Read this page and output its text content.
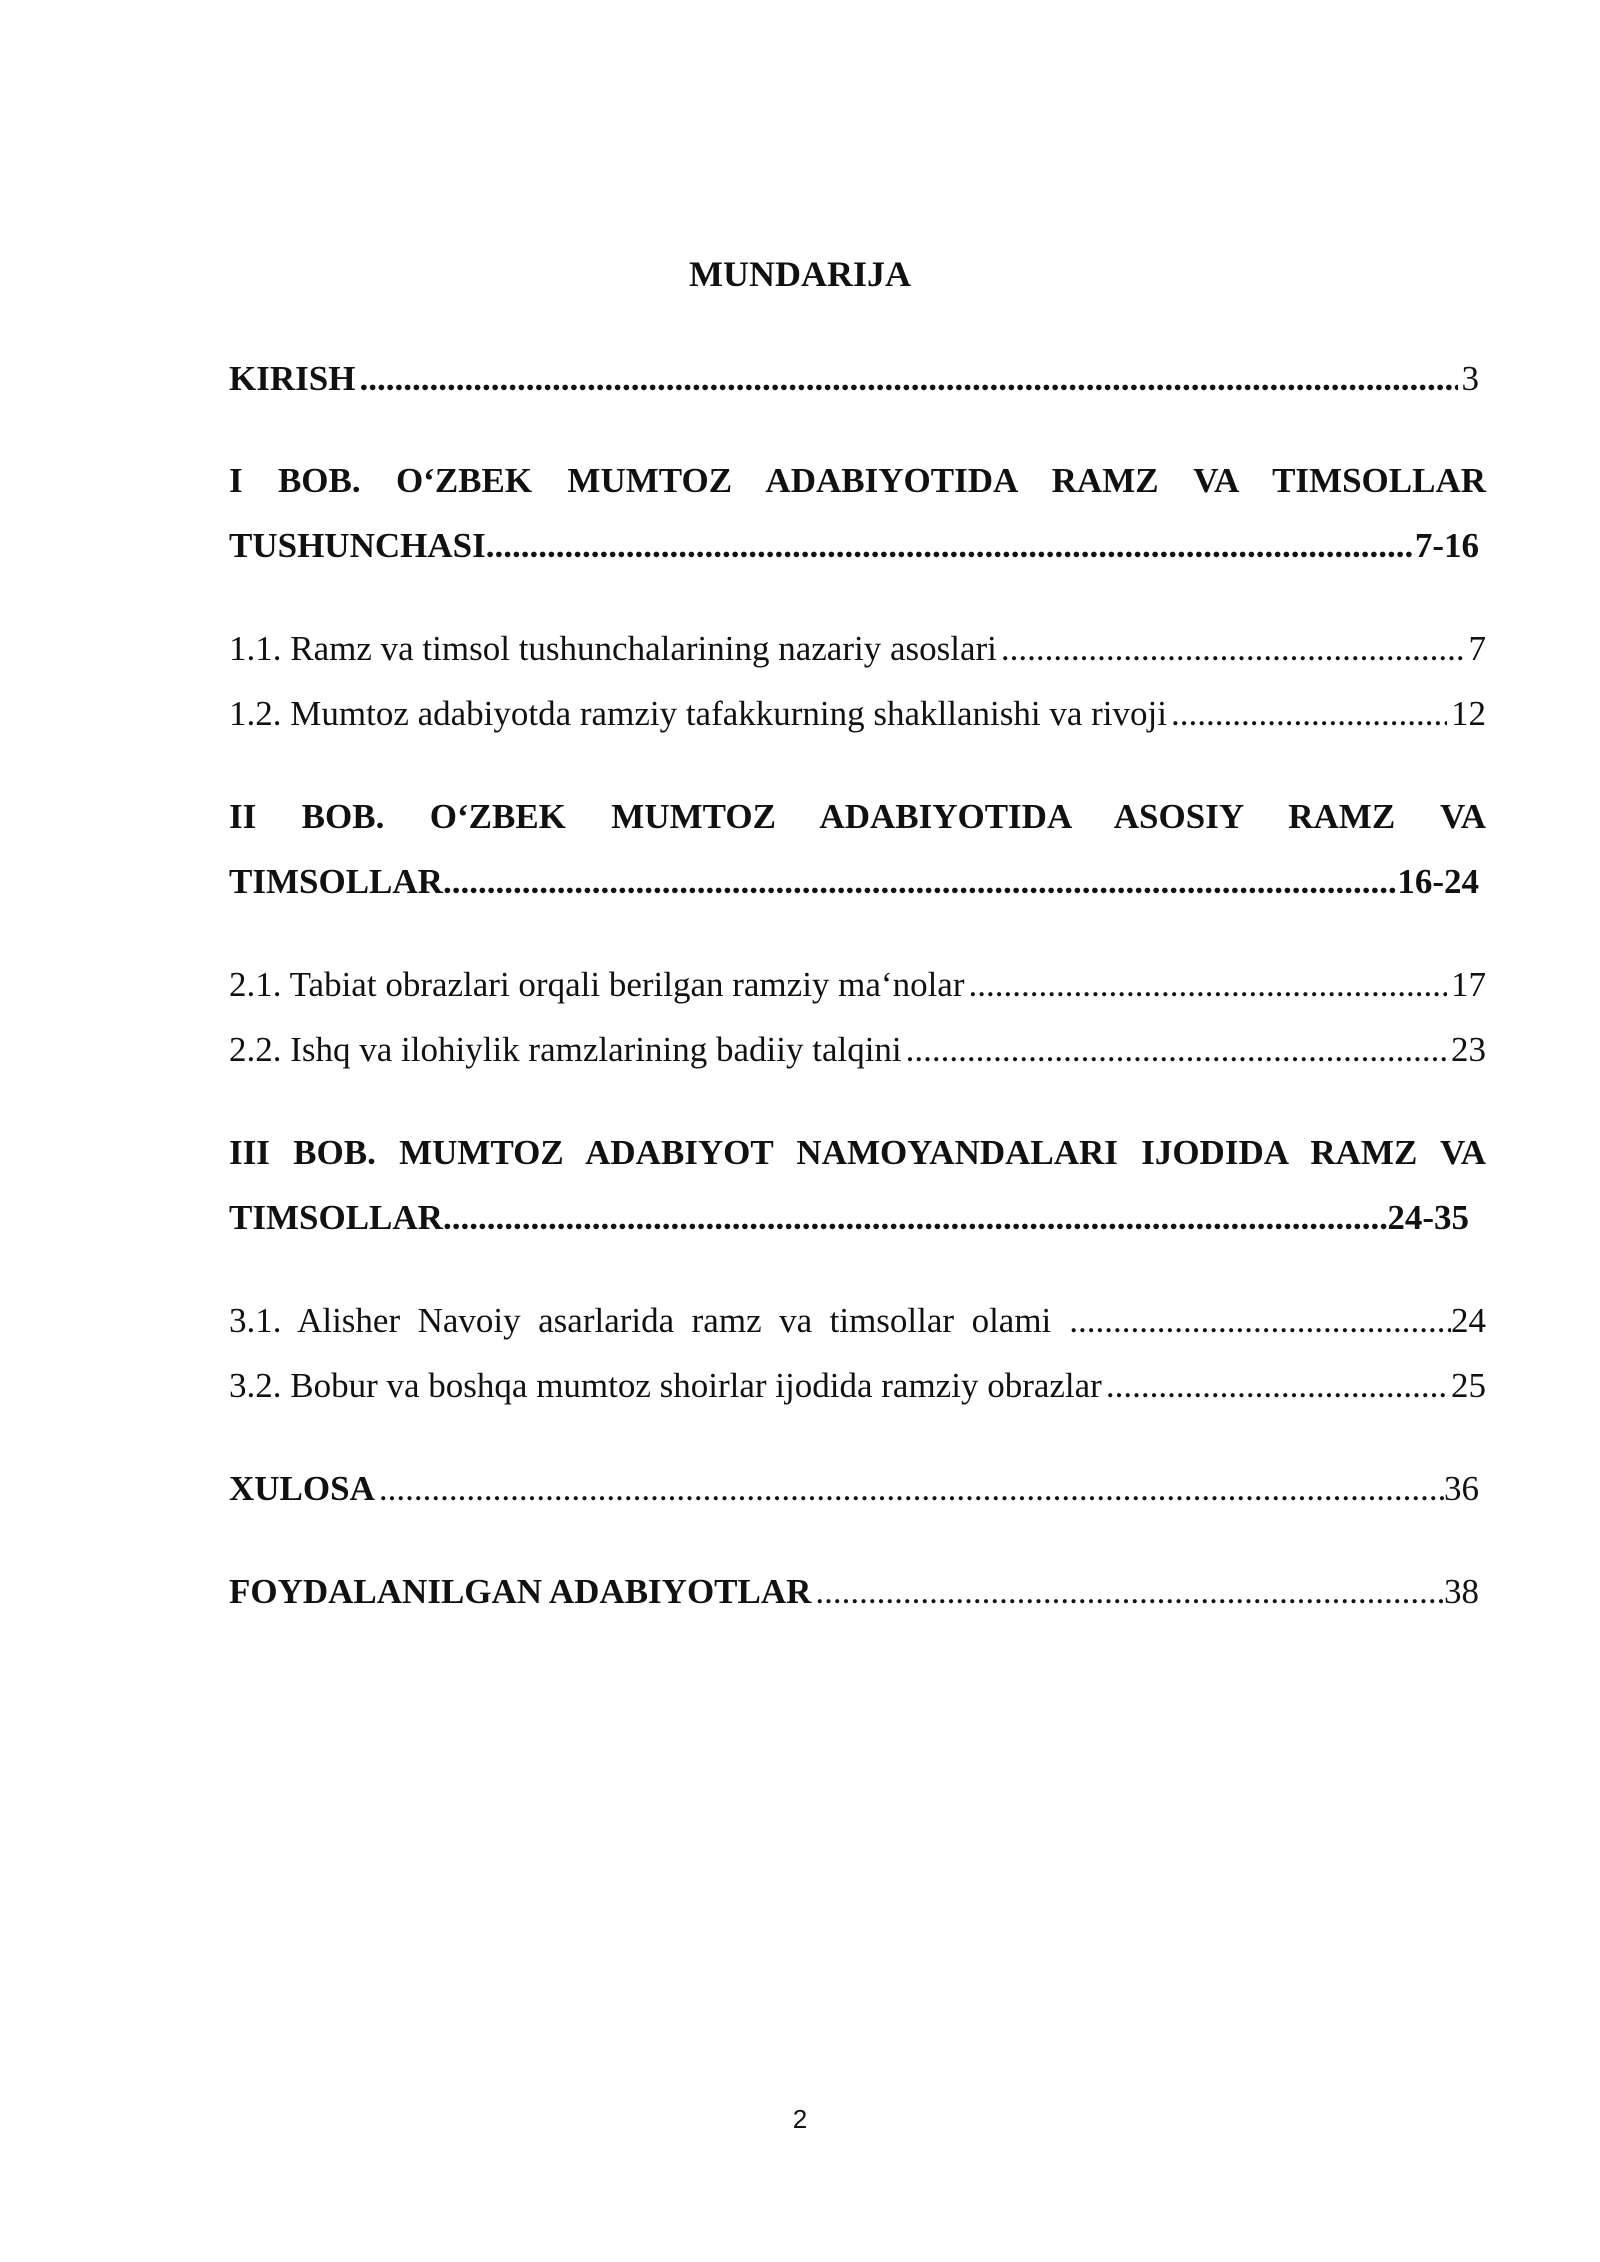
MUNDARIJA
KIRISH .....	3
I BOB. O‘ZBEK MUMTOZ ADABIYOTIDA RAMZ VA TIMSOLLAR
TUSHUNCHASI .....	7-16
1.1. Ramz va timsol tushunchalarining nazariy asoslari .....	7
1.2. Mumtoz adabiyotda ramziy tafakkurning shakllanishi va rivoji .....	12
II BOB. O‘ZBEK MUMTOZ ADABIYOTIDA ASOSIY RAMZ VA
TIMSOLLAR .....	16-24
2.1. Tabiat obrazlari orqali berilgan ramziy ma‘nolar .....	17
2.2. Ishq va ilohiylik ramzlarining badiiy talqini .....	23
III BOB. MUMTOZ ADABIYOT NAMOYANDALARI IJODIDA RAMZ VA
TIMSOLLAR .....	24-35
3.1.  Alisher  Navoiy  asarlarida  ramz  va  timsollar  olami .....	24
3.2. Bobur va boshqa mumtoz shoirlar ijodida ramziy obrazlar .....	25
XULOSA .....	36
FOYDALANILGAN ADABIYOTLAR .....	38
2
